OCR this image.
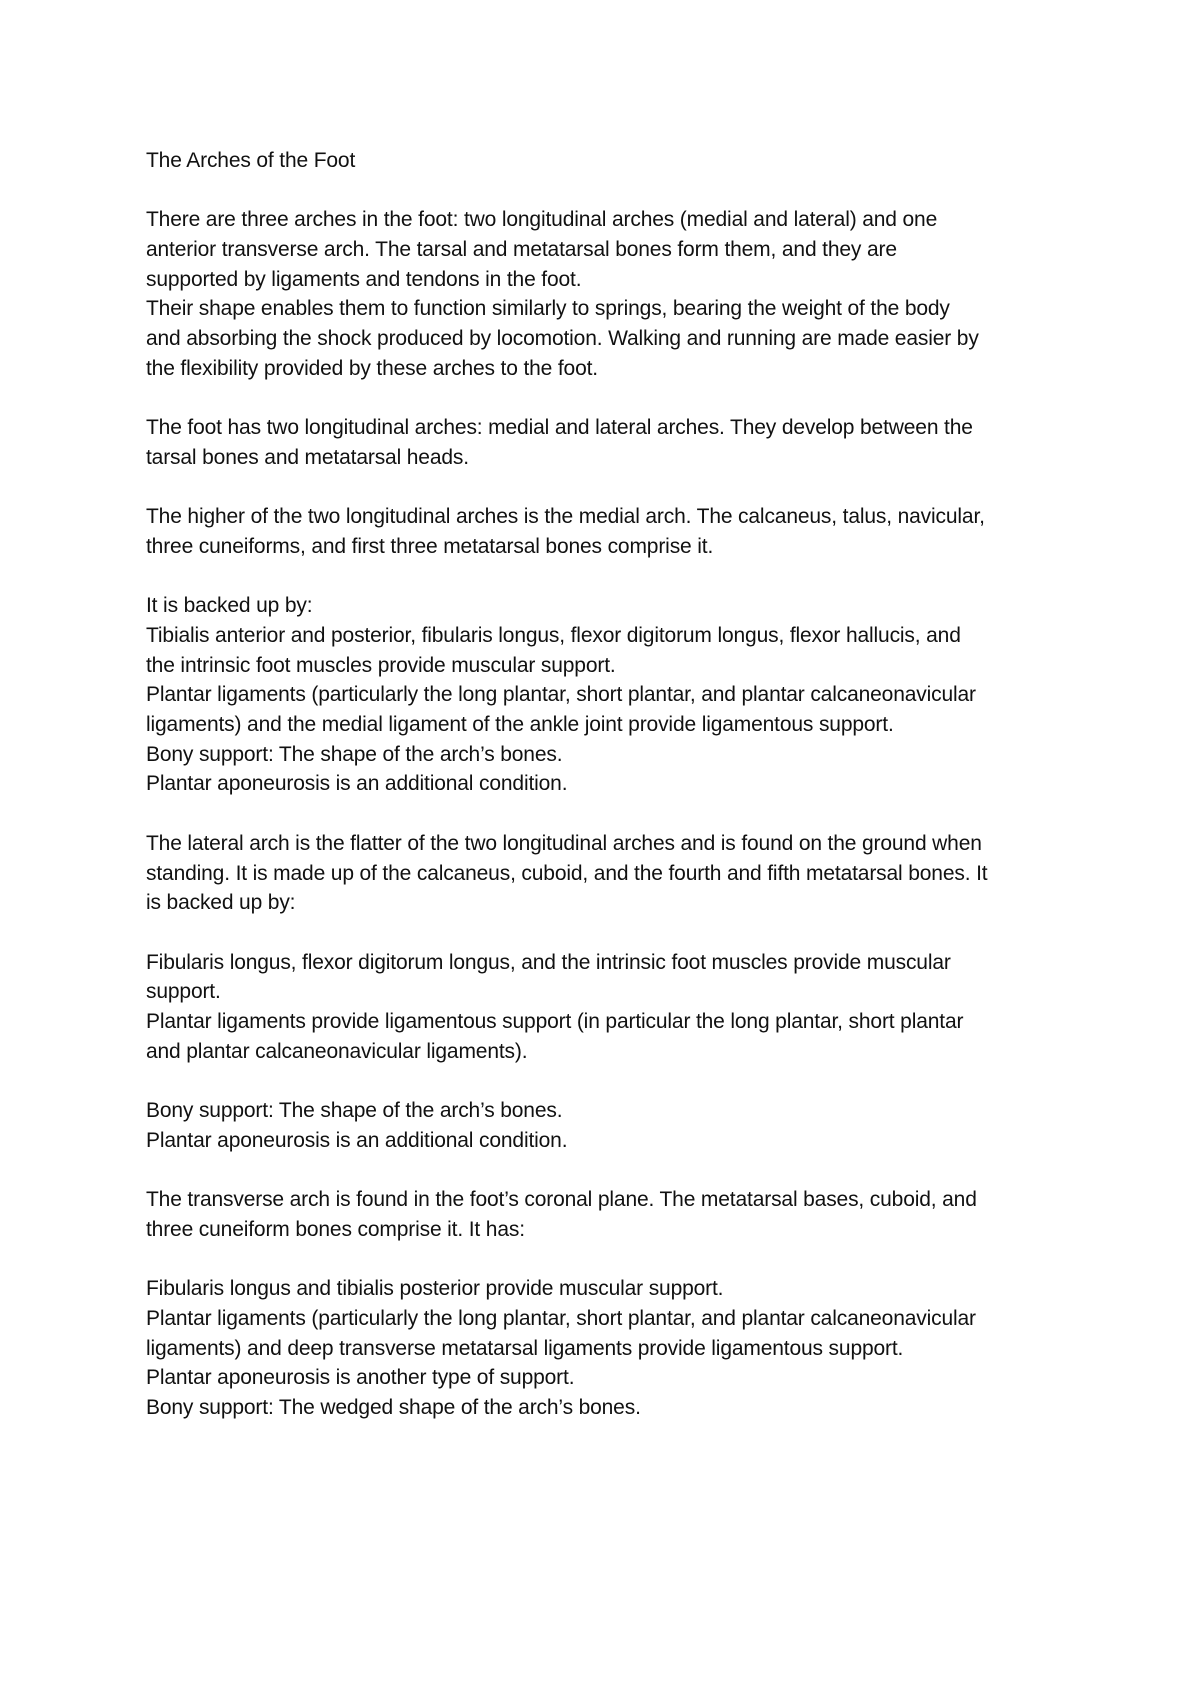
The Arches of the Foot
There are three arches in the foot: two longitudinal arches (medial and lateral) and one
anterior transverse arch. The tarsal and metatarsal bones form them, and they are
supported by ligaments and tendons in the foot.
Their shape enables them to function similarly to springs, bearing the weight of the body
and absorbing the shock produced by locomotion. Walking and running are made easier by
the flexibility provided by these arches to the foot.
The foot has two longitudinal arches: medial and lateral arches. They develop between the
tarsal bones and metatarsal heads.
The higher of the two longitudinal arches is the medial arch. The calcaneus, talus, navicular,
three cuneiforms, and first three metatarsal bones comprise it.
It is backed up by:
Tibialis anterior and posterior, fibularis longus, flexor digitorum longus, flexor hallucis, and
the intrinsic foot muscles provide muscular support.
Plantar ligaments (particularly the long plantar, short plantar, and plantar calcaneonavicular
ligaments) and the medial ligament of the ankle joint provide ligamentous support.
Bony support: The shape of the arch’s bones.
Plantar aponeurosis is an additional condition.
The lateral arch is the flatter of the two longitudinal arches and is found on the ground when
standing. It is made up of the calcaneus, cuboid, and the fourth and fifth metatarsal bones. It
is backed up by:
Fibularis longus, flexor digitorum longus, and the intrinsic foot muscles provide muscular
support.
Plantar ligaments provide ligamentous support (in particular the long plantar, short plantar
and plantar calcaneonavicular ligaments).
Bony support: The shape of the arch’s bones.
Plantar aponeurosis is an additional condition.
The transverse arch is found in the foot’s coronal plane. The metatarsal bases, cuboid, and
three cuneiform bones comprise it. It has:
Fibularis longus and tibialis posterior provide muscular support.
Plantar ligaments (particularly the long plantar, short plantar, and plantar calcaneonavicular
ligaments) and deep transverse metatarsal ligaments provide ligamentous support.
Plantar aponeurosis is another type of support.
Bony support: The wedged shape of the arch’s bones.
